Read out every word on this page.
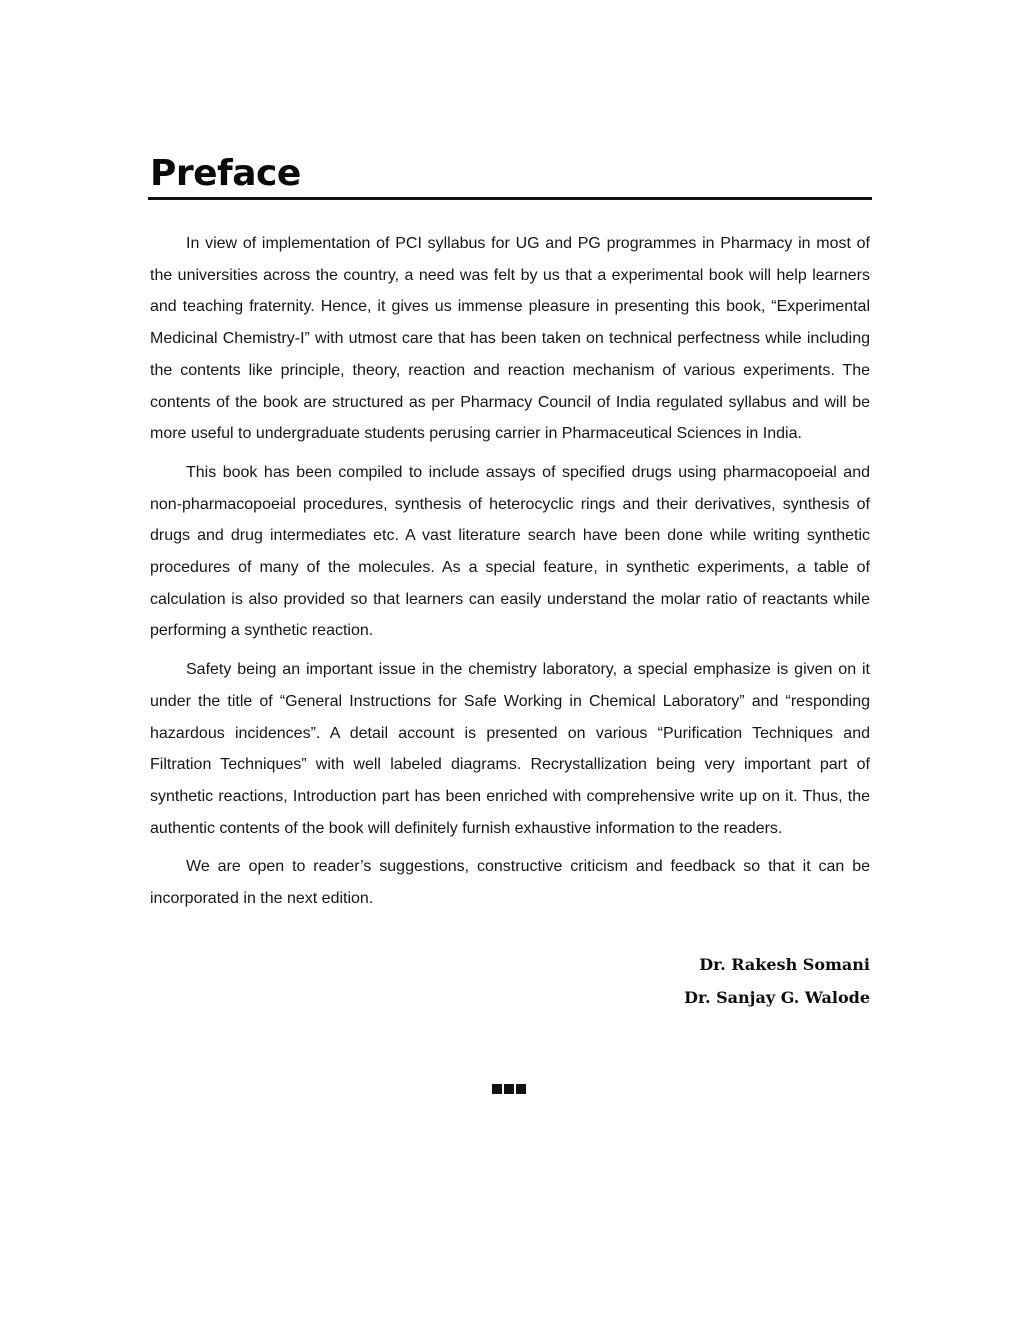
Preface

In view of implementation of PCI syllabus for UG and PG programmes in Pharmacy in most of the universities across the country, a need was felt by us that a experimental book will help learners and teaching fraternity. Hence, it gives us immense pleasure in presenting this book, “Experimental Medicinal Chemistry-I” with utmost care that has been taken on technical perfectness while including the contents like principle, theory, reaction and reaction mechanism of various experiments. The contents of the book are structured as per Pharmacy Council of India regulated syllabus and will be more useful to undergraduate students perusing carrier in Pharmaceutical Sciences in India.

This book has been compiled to include assays of specified drugs using pharmacopoeial and non-pharmacopoeial procedures, synthesis of heterocyclic rings and their derivatives, synthesis of drugs and drug intermediates etc. A vast literature search have been done while writing synthetic procedures of many of the molecules. As a special feature, in synthetic experiments, a table of calculation is also provided so that learners can easily understand the molar ratio of reactants while performing a synthetic reaction.

Safety being an important issue in the chemistry laboratory, a special emphasize is given on it under the title of “General Instructions for Safe Working in Chemical Laboratory” and “responding hazardous incidences”. A detail account is presented on various “Purification Techniques and Filtration Techniques” with well labeled diagrams. Recrystallization being very important part of synthetic reactions, Introduction part has been enriched with comprehensive write up on it. Thus, the authentic contents of the book will definitely furnish exhaustive information to the readers.

We are open to reader’s suggestions, constructive criticism and feedback so that it can be incorporated in the next edition.

Dr. Rakesh Somani
Dr. Sanjay G. Walode
